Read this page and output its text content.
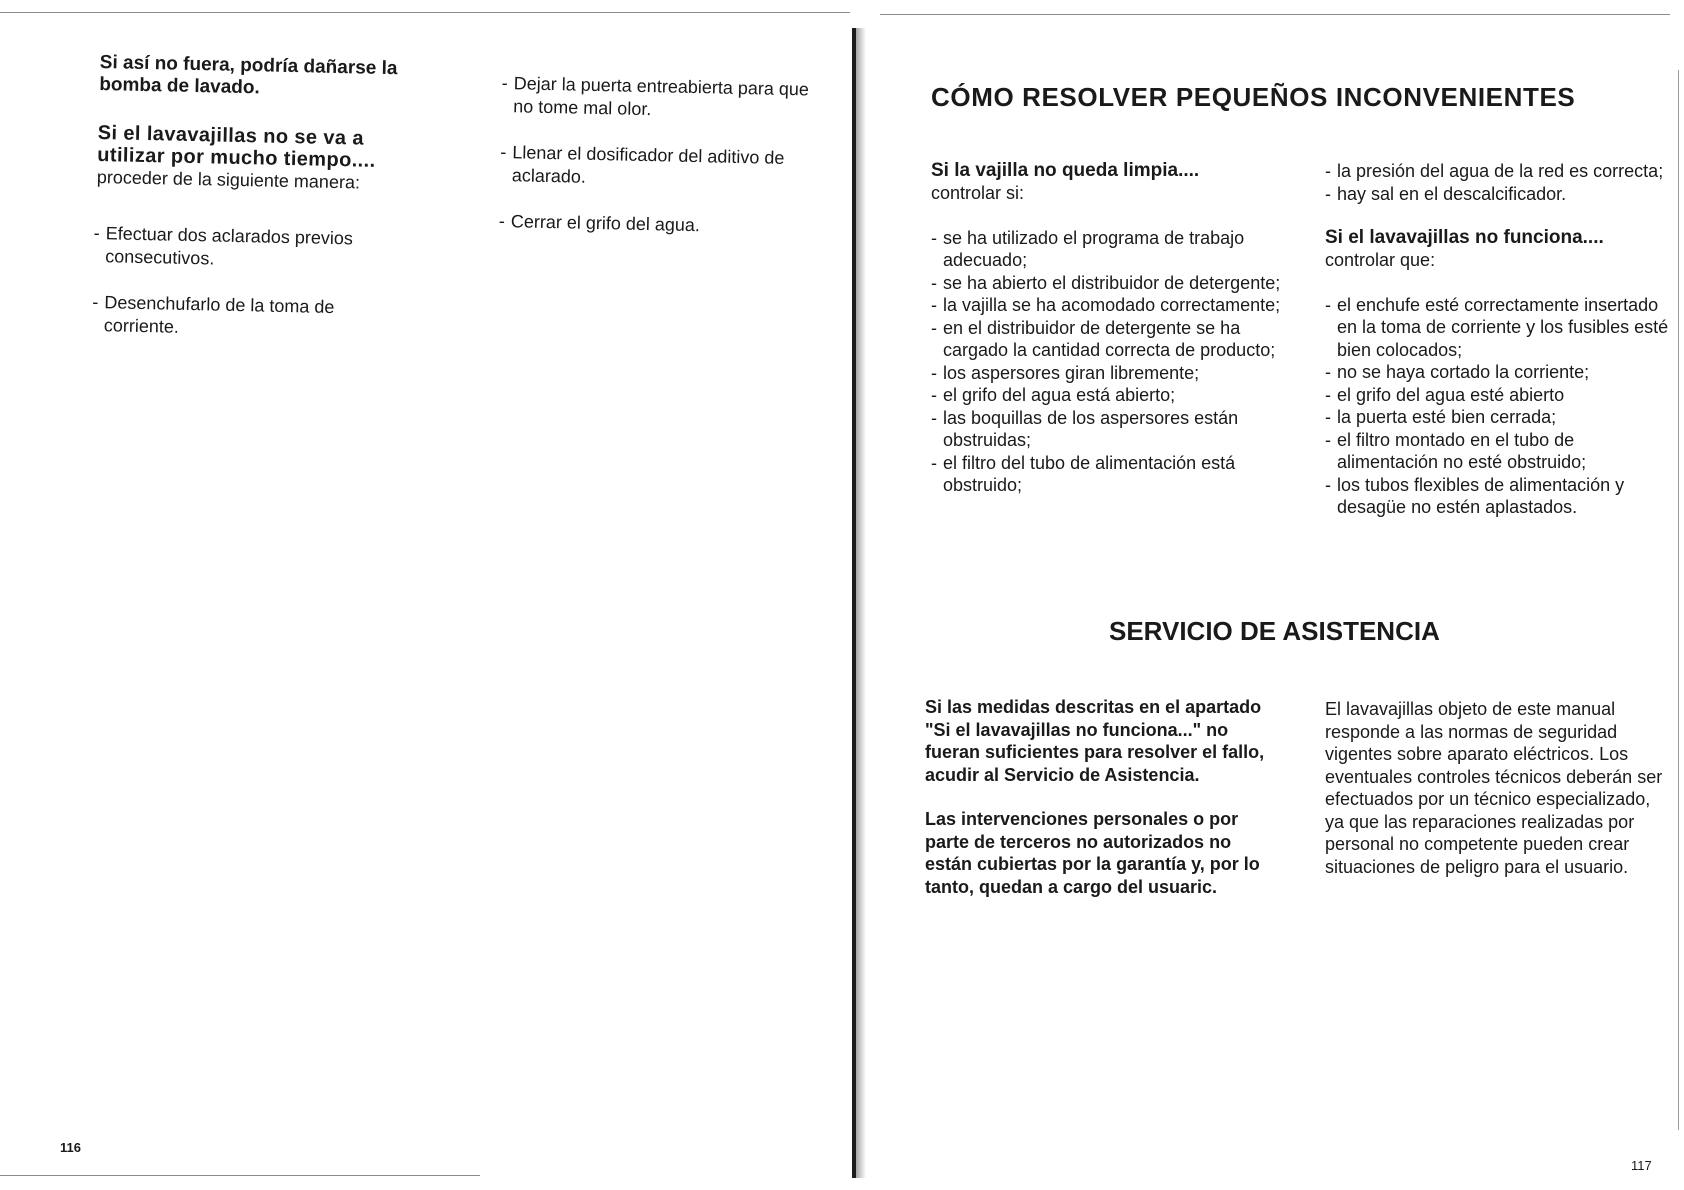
Si así no fuera, podría dañarse la bomba de lavado.
Si el lavavajillas no se va a utilizar por mucho tiempo....
proceder de la siguiente manera:
- Efectuar dos aclarados previos consecutivos.
- Desenchufarlo de la toma de corriente.
- Dejar la puerta entreabierta para que no tome mal olor.
- Llenar el dosificador del aditivo de aclarado.
- Cerrar el grifo del agua.
116
CÓMO RESOLVER PEQUEÑOS INCONVENIENTES
Si la vajilla no queda limpia....
controlar si:
- se ha utilizado el programa de trabajo adecuado;
- se ha abierto el distribuidor de detergente;
- la vajilla se ha acomodado correctamente;
- en el distribuidor de detergente se ha cargado la cantidad correcta de producto;
- los aspersores giran libremente;
- el grifo del agua está abierto;
- las boquillas de los aspersores están obstruidas;
- el filtro del tubo de alimentación está obstruido;
- la presión del agua de la red es correcta;
- hay sal en el descalcificador.
Si el lavavajillas no funciona....
controlar que:
- el enchufe esté correctamente insertado en la toma de corriente y los fusibles esté bien colocados;
- no se haya cortado la corriente;
- el grifo del agua esté abierto
- la puerta esté bien cerrada;
- el filtro montado en el tubo de alimentación no esté obstruido;
- los tubos flexibles de alimentación y desagüe no estén aplastados.
SERVICIO DE ASISTENCIA
Si las medidas descritas en el apartado "Si el lavavajillas no funciona..." no fueran suficientes para resolver el fallo, acudir al Servicio de Asistencia.
Las intervenciones personales o por parte de terceros no autorizados no están cubiertas por la garantía y, por lo tanto, quedan a cargo del usuaric.
El lavavajillas objeto de este manual responde a las normas de seguridad vigentes sobre aparato eléctricos. Los eventuales controles técnicos deberán ser efectuados por un técnico especializado, ya que las reparaciones realizadas por personal no competente pueden crear situaciones de peligro para el usuario.
117
